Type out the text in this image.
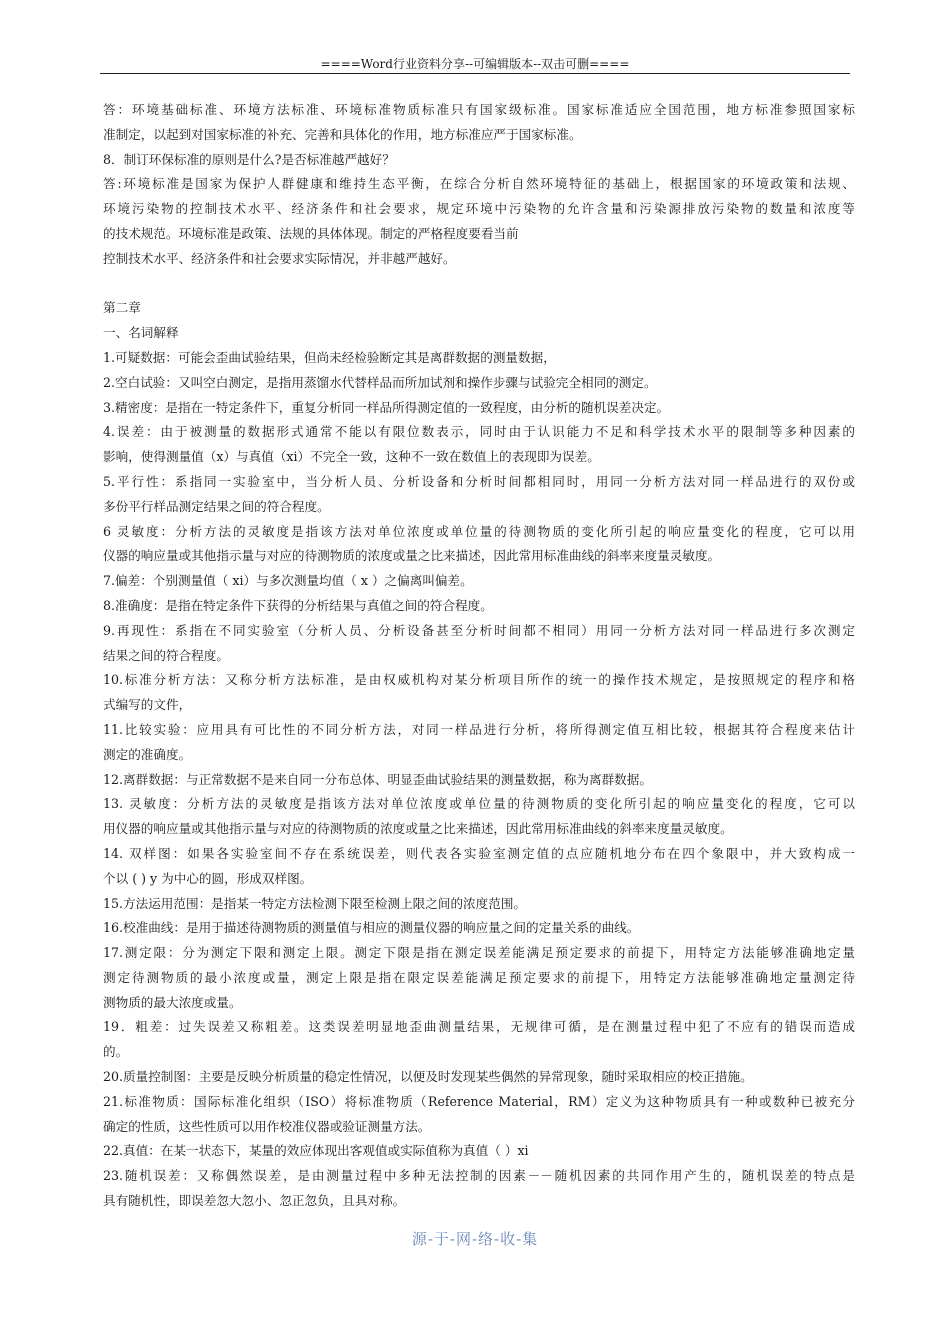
====Word行业资料分享--可编辑版本--双击可删====
答：环境基础标准、环境方法标准、环境标准物质标准只有国家级标准。国家标准适应全国范围，地方标准参照国家标
准制定，以起到对国家标准的补充、完善和具体化的作用，地方标准应严于国家标准。
8．制订环保标准的原则是什么?是否标准越严越好？
答:环境标准是国家为保护人群健康和维持生态平衡，在综合分析自然环境特征的基础上，根据国家的环境政策和法规、
环境污染物的控制技术水平、经济条件和社会要求，规定环境中污染物的允许含量和污染源排放污染物的数量和浓度等
的技术规范。环境标准是政策、法规的具体体现。制定的严格程度要看当前
控制技术水平、经济条件和社会要求实际情况，并非越严越好。
第二章
一、名词解释
1.可疑数据：可能会歪曲试验结果，但尚未经检验断定其是离群数据的测量数据，
2.空白试验：又叫空白测定，是指用蒸馏水代替样品而所加试剂和操作步骤与试验完全相同的测定。
3.精密度：是指在一特定条件下，重复分析同一样品所得测定值的一致程度，由分析的随机误差决定。
4.误差：由于被测量的数据形式通常不能以有限位数表示，同时由于认识能力不足和科学技术水平的限制等多种因素的
影响，使得测量值（x）与真值（xi）不完全一致，这种不一致在数值上的表现即为误差。
5.平行性：系指同一实验室中，当分析人员、分析设备和分析时间都相同时，用同一分析方法对同一样品进行的双份或
多份平行样品测定结果之间的符合程度。
6 灵敏度：分析方法的灵敏度是指该方法对单位浓度或单位量的待测物质的变化所引起的响应量变化的程度，它可以用
仪器的响应量或其他指示量与对应的待测物质的浓度或量之比来描述，因此常用标准曲线的斜率来度量灵敏度。
7.偏差：个别测量值（ xi）与多次测量均值（ x ）之偏离叫偏差。
8.准确度：是指在特定条件下获得的分析结果与真值之间的符合程度。
9.再现性：系指在不同实验室（分析人员、分析设备甚至分析时间都不相同）用同一分析方法对同一样品进行多次测定
结果之间的符合程度。
10.标准分析方法：又称分析方法标准，是由权威机构对某分析项目所作的统一的操作技术规定，是按照规定的程序和格
式编写的文件，
11.比较实验：应用具有可比性的不同分析方法，对同一样品进行分析，将所得测定值互相比较，根据其符合程度来估计
测定的准确度。
12.离群数据：与正常数据不是来自同一分布总体、明显歪曲试验结果的测量数据，称为离群数据。
13. 灵敏度：分析方法的灵敏度是指该方法对单位浓度或单位量的待测物质的变化所引起的响应量变化的程度，它可以
用仪器的响应量或其他指示量与对应的待测物质的浓度或量之比来描述，因此常用标准曲线的斜率来度量灵敏度。
14. 双样图：如果各实验室间不存在系统误差，则代表各实验室测定值的点应随机地分布在四个象限中，并大致构成一
个以 ( ) y 为中心的圆，形成双样图。
15.方法运用范围：是指某一特定方法检测下限至检测上限之间的浓度范围。
16.校准曲线：是用于描述待测物质的测量值与相应的测量仪器的响应量之间的定量关系的曲线。
17.测定限：分为测定下限和测定上限。测定下限是指在测定误差能满足预定要求的前提下，用特定方法能够准确地定量
测定待测物质的最小浓度或量，测定上限是指在限定误差能满足预定要求的前提下，用特定方法能够准确地定量测定待
测物质的最大浓度或量。
19．粗差：过失误差又称粗差。这类误差明显地歪曲测量结果，无规律可循，是在测量过程中犯了不应有的错误而造成
的。
20.质量控制图：主要是反映分析质量的稳定性情况，以便及时发现某些偶然的异常现象，随时采取相应的校正措施。
21.标准物质：国际标准化组织（ISO）将标准物质（Reference Material，RM）定义为这种物质具有一种或数种已被充分
确定的性质，这些性质可以用作校准仪器或验证测量方法。
22.真值：在某一状态下，某量的效应体现出客观值或实际值称为真值（ ）xi
23.随机误差：又称偶然误差，是由测量过程中多种无法控制的因素－－随机因素的共同作用产生的，随机误差的特点是
具有随机性，即误差忽大忽小、忽正忽负，且具对称。
源-于-网-络-收-集
